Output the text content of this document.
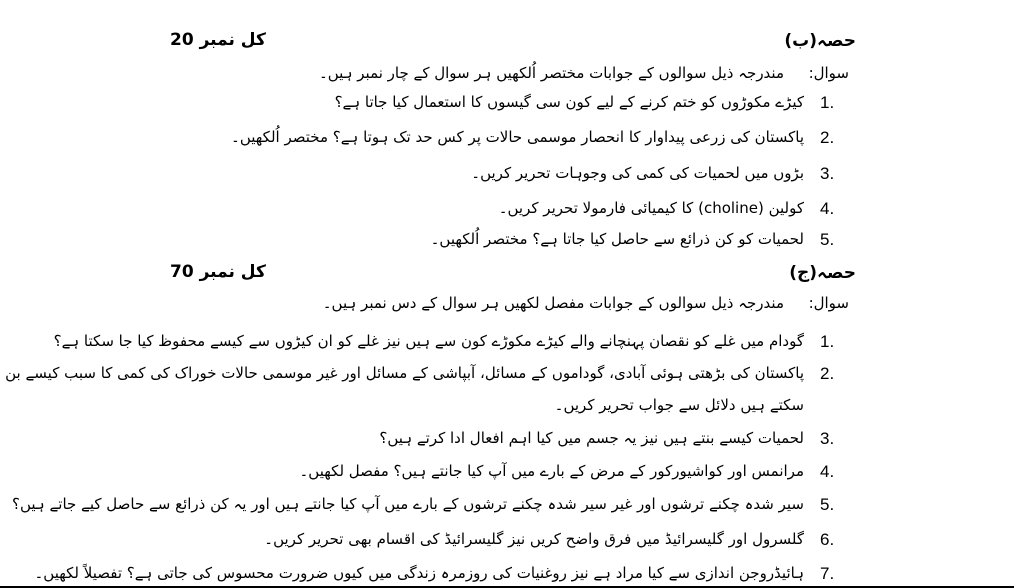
حصہ(ب)
کل نمبر 20
سوال:
مندرجہ ذیل سوالوں کے جوابات مختصر اُلکھیں ہر سوال کے چار نمبر ہیں۔
1.
کیڑے مکوڑوں کو ختم کرنے کے لیے کون سی گیسوں کا استعمال کیا جاتا ہے؟
2.
پاکستان کی زرعی پیداوار کا انحصار موسمی حالات پر کس حد تک ہوتا ہے؟ مختصر اُلکھیں۔
3.
بڑوں میں لحمیات کی کمی کی وجوہات تحریر کریں۔
4.
کولین (choline) کا کیمیائی فارمولا تحریر کریں۔
5.
لحمیات کو کن ذرائع سے حاصل کیا جاتا ہے؟ مختصر اُلکھیں۔
حصہ(ج)
کل نمبر 70
سوال:
مندرجہ ذیل سوالوں کے جوابات مفصل لکھیں ہر سوال کے دس نمبر ہیں۔
1.
گودام میں غلے کو نقصان پہنچانے والے کیڑے مکوڑے کون سے ہیں نیز غلے کو ان کیڑوں سے کیسے محفوظ کیا جا سکتا ہے؟
2.
پاکستان کی بڑھتی ہوئی آبادی، گوداموں کے مسائل، آبپاشی کے مسائل اور غیر موسمی حالات خوراک کی کمی کا سبب کیسے بن
سکتے ہیں دلائل سے جواب تحریر کریں۔
3.
لحمیات کیسے بنتے ہیں نیز یہ جسم میں کیا اہم افعال ادا کرتے ہیں؟
4.
مرانمس اور کواشیورکور کے مرض کے بارے میں آپ کیا جانتے ہیں؟ مفصل لکھیں۔
5.
سیر شدہ چکنے ترشوں اور غیر سیر شدہ چکنے ترشوں کے بارے میں آپ کیا جانتے ہیں اور یہ کن ذرائع سے حاصل کیے جاتے ہیں؟
6.
گلسرول اور گلیسرائیڈ میں فرق واضح کریں نیز گلیسرائیڈ کی اقسام بھی تحریر کریں۔
7.
ہائیڈروجن اندازی سے کیا مراد ہے نیز روغنیات کی روزمرہ زندگی میں کیوں ضرورت محسوس کی جاتی ہے؟ تفصیلاً لکھیں۔
